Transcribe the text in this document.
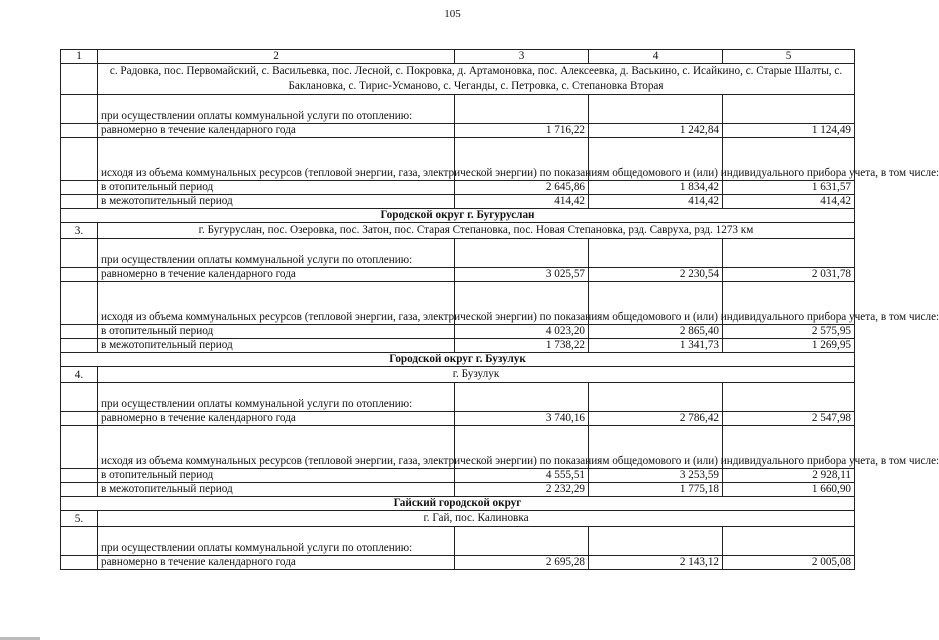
105
1	2	3	4	5
	с. Радовка, пос. Первомайский, с. Васильевка, пос. Лесной, с. Покровка, д. Артамоновка, пос. Алексеевка, д. Васькино, с. Исайкино, с. Старые Шалты, с. Баклановка, с. Тирис-Усманово, с. Чеганды, с. Петровка, с. Степановка Вторая			
	при осуществлении оплаты коммунальной услуги по отоплению:			
	равномерно в течение календарного года	1 716,22	1 242,84	1 124,49
	исходя из объема коммунальных ресурсов (тепловой энергии, газа, электрической энергии) по показаниям общедомового и (или) индивидуального прибора учета, в том числе:			
	в отопительный период	2 645,86	1 834,42	1 631,57
	в межотопительный период	414,42	414,42	414,42
Городской округ г. Бугуруслан				
3.	г. Бугуруслан, пос. Озеровка, пос. Затон, пос. Старая Степановка, пос. Новая Степановка, рзд. Савруха, рзд. 1273 км			
	при осуществлении оплаты коммунальной услуги по отоплению:			
	равномерно в течение календарного года	3 025,57	2 230,54	2 031,78
	исходя из объема коммунальных ресурсов (тепловой энергии, газа, электрической энергии) по показаниям общедомового и (или) индивидуального прибора учета, в том числе:			
	в отопительный период	4 023,20	2 865,40	2 575,95
	в межотопительный период	1 738,22	1 341,73	1 269,95
Городской округ г. Бузулук				
4.	г. Бузулук			
	при осуществлении оплаты коммунальной услуги по отоплению:			
	равномерно в течение календарного года	3 740,16	2 786,42	2 547,98
	исходя из объема коммунальных ресурсов (тепловой энергии, газа, электрической энергии) по показаниям общедомового и (или) индивидуального прибора учета, в том числе:			
	в отопительный период	4 555,51	3 253,59	2 928,11
	в межотопительный период	2 232,29	1 775,18	1 660,90
Гайский городской округ				
5.	г. Гай, пос. Калиновка			
	при осуществлении оплаты коммунальной услуги по отоплению:			
	равномерно в течение календарного года	2 695,28	2 143,12	2 005,08
